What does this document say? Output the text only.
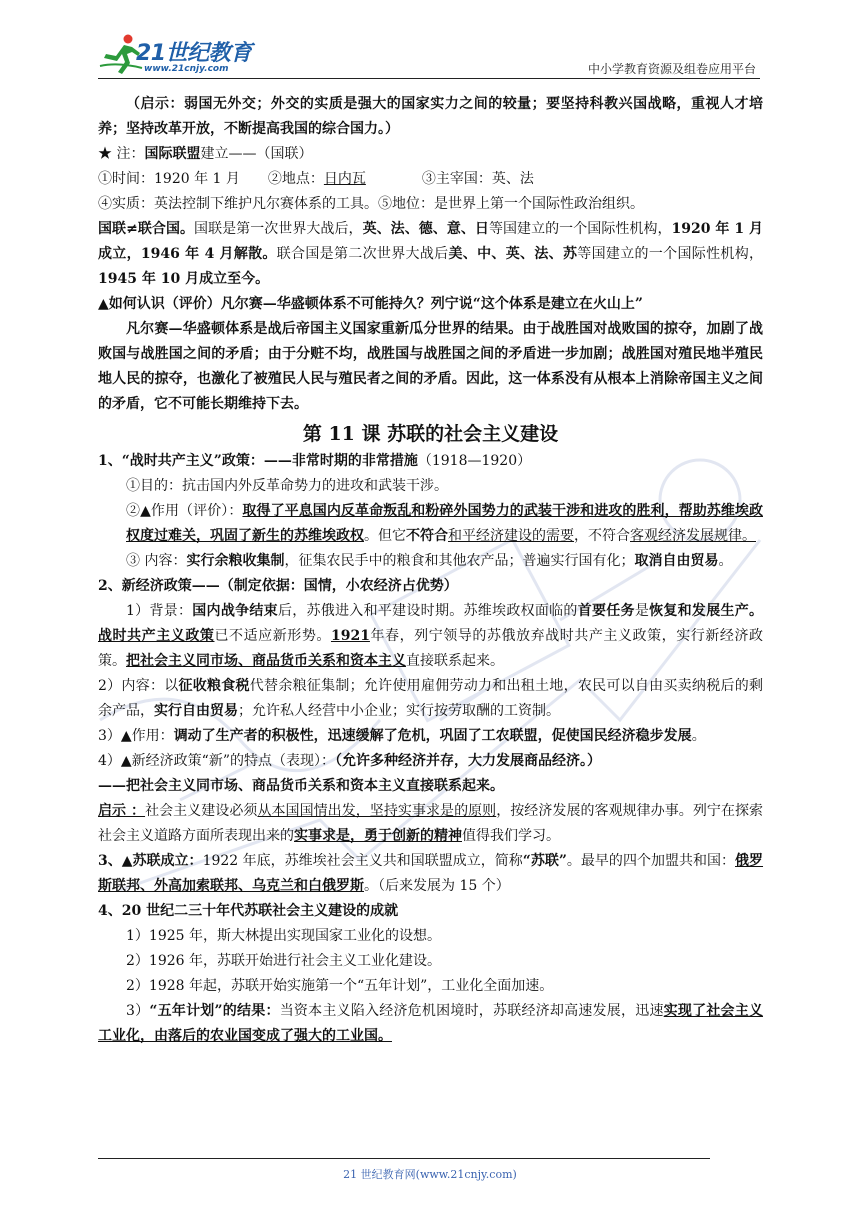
21世纪教育
www.21cnjy.com	中小学教育资源及组卷应用平台

（启示：弱国无外交；外交的实质是强大的国家实力之间的较量；要坚持科教兴国战略，重视人才培养；坚持改革开放，不断提高我国的综合国力。）

★ 注：国际联盟建立——（国联）

①时间：1920 年 1 月 ②地点：日内瓦	③主宰国：英、法

④实质：英法控制下维护凡尔赛体系的工具。⑤地位：是世界上第一个国际性政治组织。

国联≠联合国。国联是第一次世界大战后，英、法、德、意、日等国建立的一个国际性机构，1920 年 1 月成立，1946 年 4 月解散。联合国是第二次世界大战后美、中、英、法、苏等国建立的一个国际性机构，1945 年 10 月成立至今。

▲如何认识（评价）凡尔赛—华盛顿体系不可能持久？列宁说“这个体系是建立在火山上”

凡尔赛—华盛顿体系是战后帝国主义国家重新瓜分世界的结果。由于战胜国对战败国的掠夺，加剧了战败国与战胜国之间的矛盾；由于分赃不均，战胜国与战胜国之间的矛盾进一步加剧；战胜国对殖民地半殖民地人民的掠夺，也激化了被殖民人民与殖民者之间的矛盾。因此，这一体系没有从根本上消除帝国主义之间的矛盾，它不可能长期维持下去。

第 11 课 苏联的社会主义建设

1、“战时共产主义”政策：——非常时期的非常措施（1918—1920）

①目的：抗击国内外反革命势力的进攻和武装干涉。

②▲作用（评价）：取得了平息国内反革命叛乱和粉碎外国势力的武装干涉和进攻的胜利，帮助苏维埃政权度过难关，巩固了新生的苏维埃政权。但它不符合和平经济建设的需要，不符合客观经济发展规律。

③ 内容：实行余粮收集制，征集农民手中的粮食和其他农产品；普遍实行国有化；取消自由贸易。

2、新经济政策——（制定依据：国情，小农经济占优势）

1）背景：国内战争结束后，苏俄进入和平建设时期。苏维埃政权面临的首要任务是恢复和发展生产。 战时共产主义政策已不适应新形势。1921年春，列宁领导的苏俄放弃战时共产主义政策，实行新经济政策。把社会主义同市场、商品货币关系和资本主义直接联系起来。

2）内容：以征收粮食税代替余粮征集制；允许使用雇佣劳动力和出租土地，农民可以自由买卖纳税后的剩余产品，实行自由贸易；允许私人经营中小企业；实行按劳取酬的工资制。

3）▲作用：调动了生产者的积极性，迅速缓解了危机，巩固了工农联盟，促使国民经济稳步发展。

4）▲新经济政策“新”的特点（表现）：（允许多种经济并存，大力发展商品经济。）

——把社会主义同市场、商品货币关系和资本主义直接联系起来。

启示 ：社会主义建设必须从本国国情出发，坚持实事求是的原则，按经济发展的客观规律办事。列宁在探索社会主义道路方面所表现出来的实事求是，勇于创新的精神值得我们学习。

3、▲苏联成立：1922 年底，苏维埃社会主义共和国联盟成立，简称“苏联”。最早的四个加盟共和国：俄罗斯联邦、外高加索联邦、乌克兰和白俄罗斯。（后来发展为 15 个）

4、20 世纪二三十年代苏联社会主义建设的成就

1）1925 年，斯大林提出实现国家工业化的设想。

2）1926 年，苏联开始进行社会主义工业化建设。

2）1928 年起，苏联开始实施第一个“五年计划”，工业化全面加速。

3）“五年计划”的结果：当资本主义陷入经济危机困境时，苏联经济却高速发展，迅速实现了社会主义工业化，由落后的农业国变成了强大的工业国。

21 世纪教育网(www.21cnjy.com)
